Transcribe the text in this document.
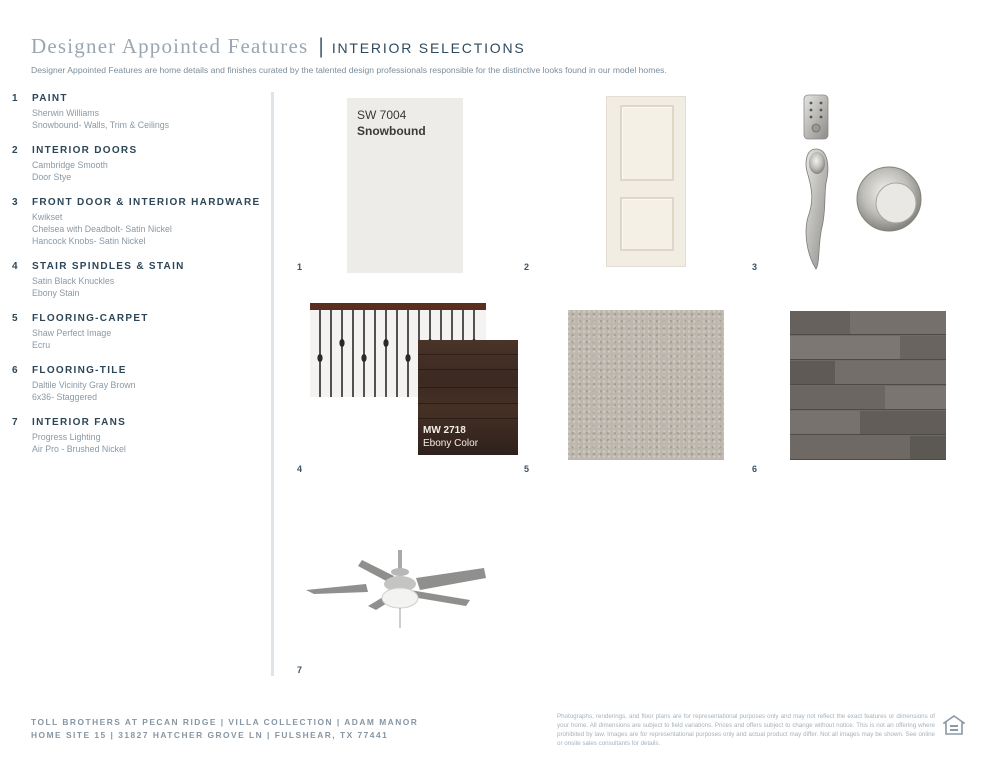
Designer Appointed Features | INTERIOR SELECTIONS
Designer Appointed Features are home details and finishes curated by the talented design professionals responsible for the distinctive looks found in our model homes.
1	PAINT
Sherwin Williams
Snowbound- Walls, Trim & Ceilings
2	INTERIOR DOORS
Cambridge Smooth
Door Stye
3	FRONT DOOR & INTERIOR HARDWARE
Kwikset
Chelsea with Deadbolt- Satin Nickel
Hancock Knobs- Satin Nickel
4	STAIR SPINDLES & STAIN
Satin Black Knuckles
Ebony Stain
5	FLOORING-CARPET
Shaw Perfect Image
Ecru
6	FLOORING-TILE
Daltile Vicinity Gray Brown
6x36- Staggered
7	INTERIOR FANS
Progress Lighting
Air Pro - Brushed Nickel
SW 7004
Snowbound
1	2	3
4
MW 2718
Ebony Color
5	6
7
TOLL BROTHERS AT PECAN RIDGE | VILLA COLLECTION | ADAM MANOR
HOME SITE 15 | 31827 HATCHER GROVE LN | FULSHEAR, TX 77441
Photographs, renderings, and floor plans are for representational purposes only and may not reflect the exact features or dimensions of your home. All dimensions are subject to field variations. Prices and offers subject to change without notice. This is not an offering where prohibited by law. Images are for representational purposes only and actual product may differ. Not all images may be shown. See online or onsite sales consultants for details.
